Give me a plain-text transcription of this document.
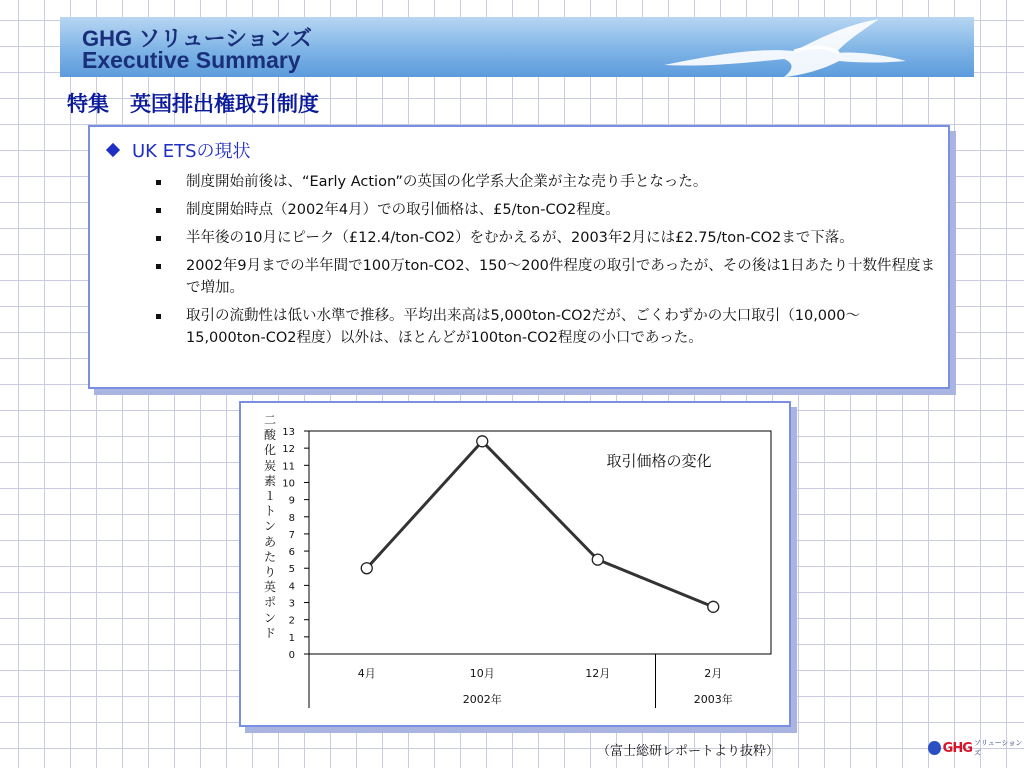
GHG ソリューションズ
Executive Summary
特集　英国排出権取引制度
UK ETSの現状
制度開始前後は、“Early Action”の英国の化学系大企業が主な売り手となった。
制度開始時点（2002年4月）での取引価格は、£5/ton-CO2程度。
半年後の10月にピーク（£12.4/ton-CO2）をむかえるが、2003年2月には£2.75/ton-CO2まで下落。
2002年9月までの半年間で100万ton-CO2、150～200件程度の取引であったが、その後は1日あたり十数件程度まで増加。
取引の流動性は低い水準で推移。平均出来高は5,000ton-CO2だが、ごくわずかの大口取引（10,000～15,000ton-CO2程度）以外は、ほとんどが100ton-CO2程度の小口であった。
二酸化炭素１トンあたり英ポンド
0
1
2
3
4
5
6
7
8
9
10
11
12
13
2002年	2003年
4月	10月	12月	2月
取引価格の変化
（富士総研レポートより抜粋）	GHG ソリューションズ
